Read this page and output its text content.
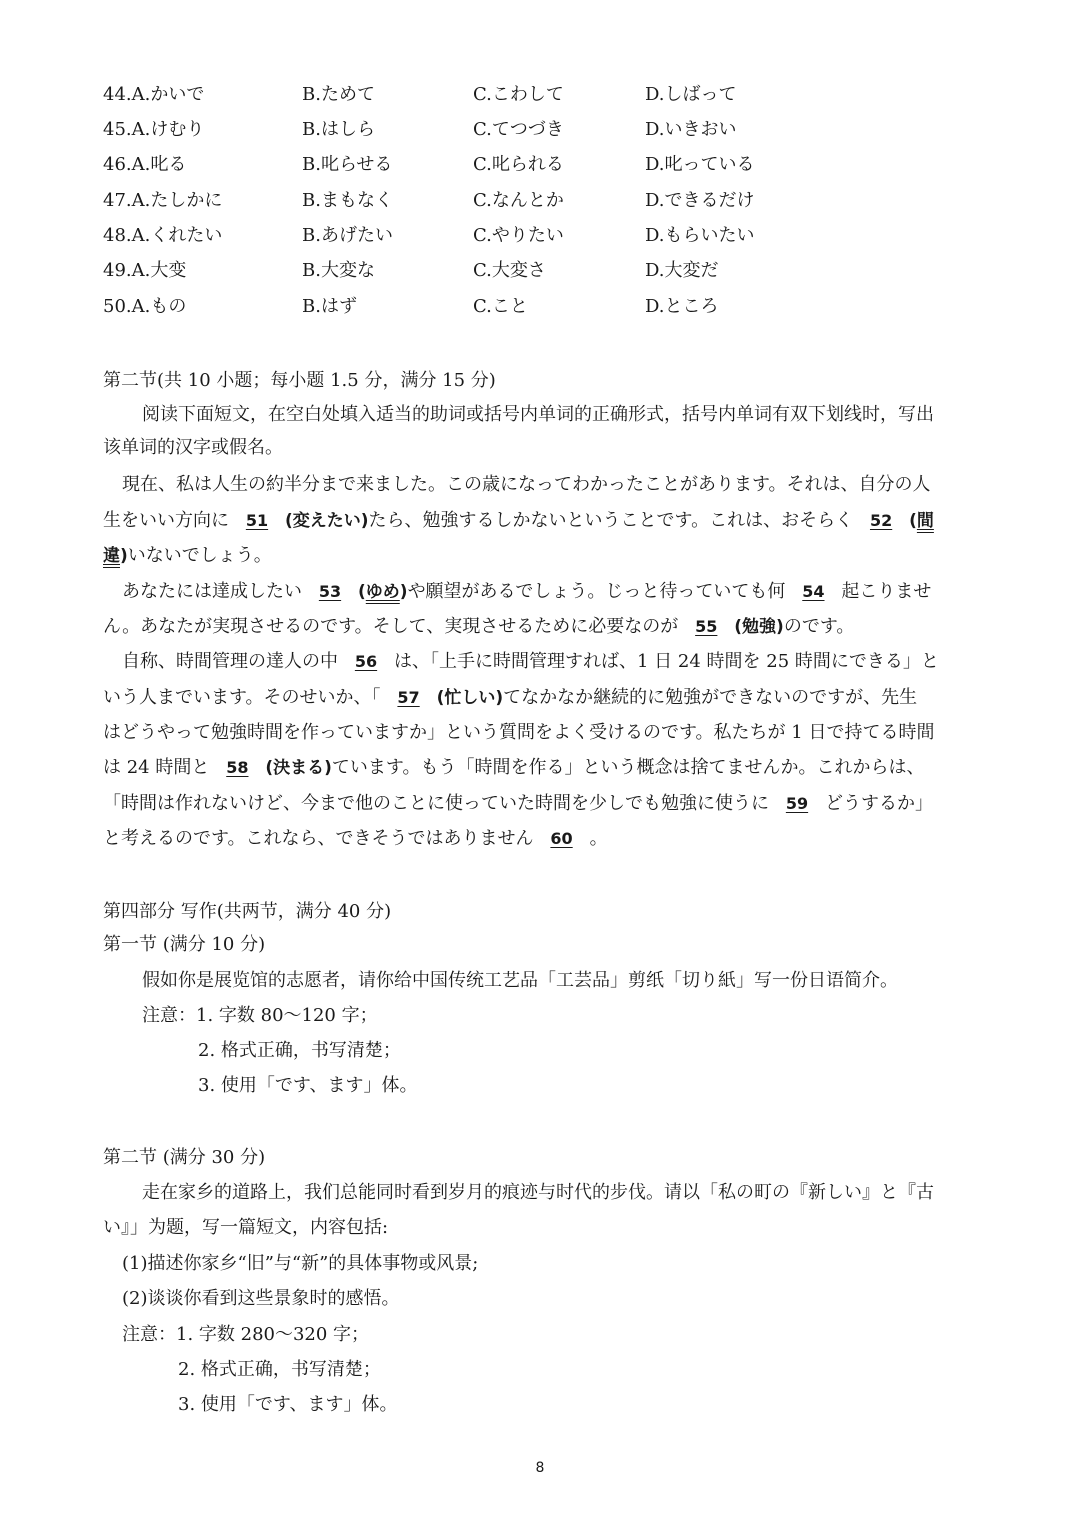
44.A.かいで	B.ためて	C.こわして	D.しばって
45.A.けむり	B.はしら	C.てつづき	D.いきおい
46.A.叱る	B.叱らせる	C.叱られる	D.叱っている
47.A.たしかに	B.まもなく	C.なんとか	D.できるだけ
48.A.くれたい	B.あげたい	C.やりたい	D.もらいたい
49.A.大变	B.大変な	C.大変さ	D.大変だ
50.A.もの	B.はず	C.こと	D.ところ
第二节(共 10 小题；每小题 1.5 分，满分 15 分)
阅读下面短文，在空白处填入适当的助词或括号内单词的正确形式，括号内单词有双下划线时，写出
该单词的汉字或假名。
現在、私は人生の約半分まで来ました。この歳になってわかったことがあります。それは、自分の人
生をいい方向に 51 (変えたい)たら、勉強するしかないということです。これは、おそらく 52 (間
違)いないでしょう。
あなたには達成したい 53 (ゆめ)や願望があるでしょう。じっと待っていても何 54 起こりませ
ん。あなたが実現させるのです。そして、実現させるために必要なのが 55 (勉強)のです。
自称、時間管理の達人の中 56 は、「上手に時間管理すれば、1 日 24 時間を 25 時間にできる」と
いう人までいます。そのせいか、「 57 (忙しい)てなかなか継続的に勉強ができないのですが、先生
はどうやって勉強時間を作っていますか」という質問をよく受けるのです。私たちが 1 日で持てる時間
は 24 時間と 58 (決まる)ています。もう「時間を作る」という概念は捨てませんか。これからは、
「時間は作れないけど、今まで他のことに使っていた時間を少しでも勉強に使うに 59 どうするか」
と考えるのです。これなら、できそうではありません 60 。
第四部分 写作(共两节，满分 40 分)
第一节 (满分 10 分)
假如你是展览馆的志愿者，请你给中国传统工艺品「工芸品」剪纸「切り紙」写一份日语简介。
注意：1. 字数 80～120 字；
2. 格式正确，书写清楚；
3. 使用「です、ます」体。
第二节 (满分 30 分)
走在家乡的道路上，我们总能同时看到岁月的痕迹与时代的步伐。请以「私の町の『新しい』と『古
い』」为题，写一篇短文，内容包括:
(1)描述你家乡“旧”与“新”的具体事物或风景;
(2)谈谈你看到这些景象时的感悟。
注意：1. 字数 280～320 字；
2. 格式正确，书写清楚；
3. 使用「です、ます」体。
8
